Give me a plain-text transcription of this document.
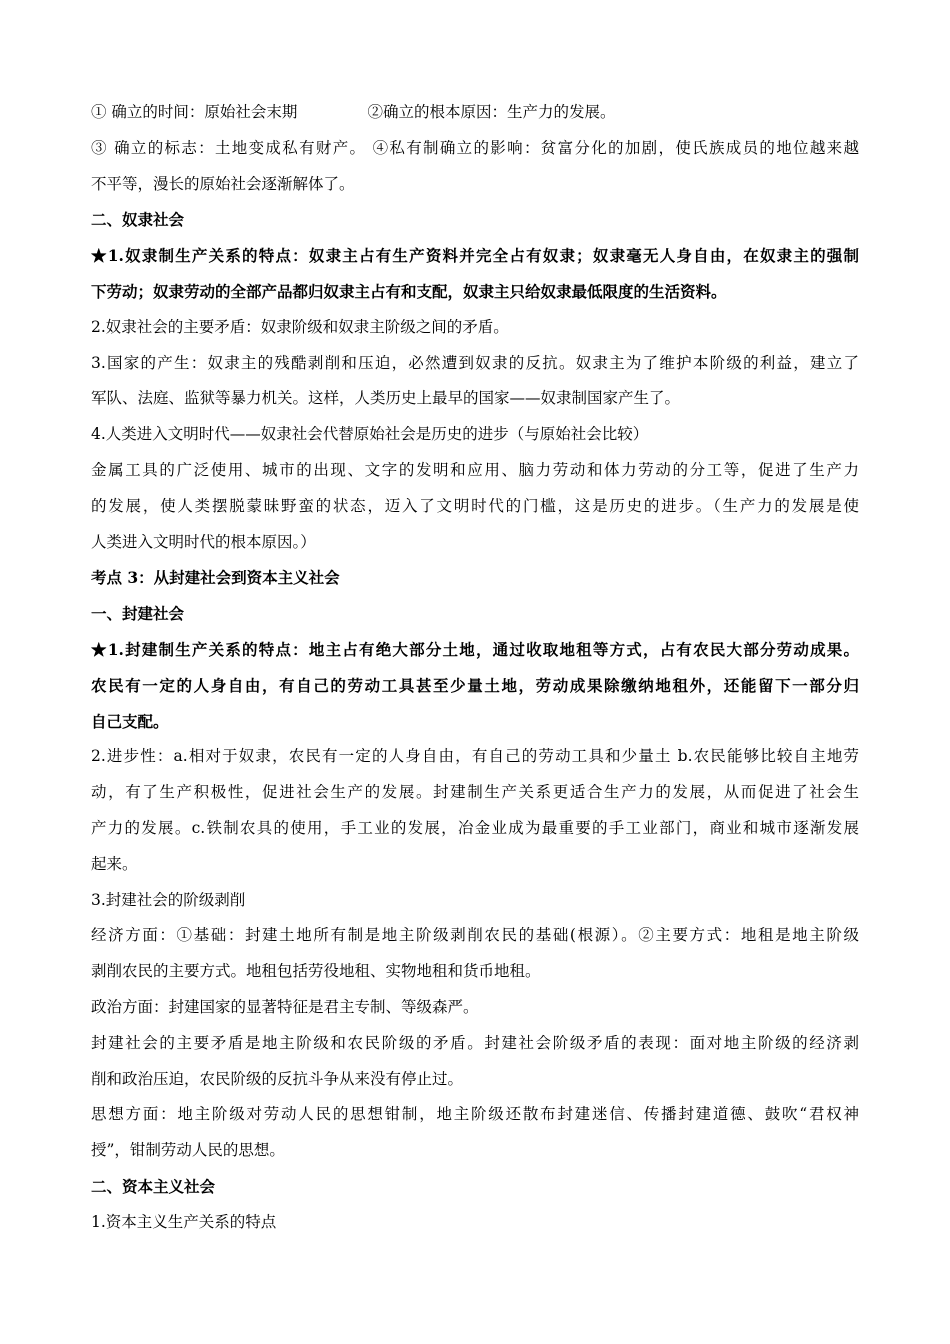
① 确立的时间：原始社会末期	②确立的根本原因：生产力的发展。
③ 确立的标志：土地变成私有财产。 ④私有制确立的影响：贫富分化的加剧，使氏族成员的地位越来越
不平等，漫长的原始社会逐渐解体了。
二、奴隶社会
★1.奴隶制生产关系的特点：奴隶主占有生产资料并完全占有奴隶；奴隶毫无人身自由，在奴隶主的强制
下劳动；奴隶劳动的全部产品都归奴隶主占有和支配，奴隶主只给奴隶最低限度的生活资料。
2.奴隶社会的主要矛盾：奴隶阶级和奴隶主阶级之间的矛盾。
3.国家的产生：奴隶主的残酷剥削和压迫，必然遭到奴隶的反抗。奴隶主为了维护本阶级的利益，建立了
军队、法庭、监狱等暴力机关。这样，人类历史上最早的国家——奴隶制国家产生了。
4.人类进入文明时代——奴隶社会代替原始社会是历史的进步（与原始社会比较）
金属工具的广泛使用、城市的出现、文字的发明和应用、脑力劳动和体力劳动的分工等，促进了生产力
的发展，使人类摆脱蒙昧野蛮的状态，迈入了文明时代的门槛，这是历史的进步。（生产力的发展是使
人类进入文明时代的根本原因。）
考点 3：从封建社会到资本主义社会
一、封建社会
★1.封建制生产关系的特点：地主占有绝大部分土地，通过收取地租等方式，占有农民大部分劳动成果。
农民有一定的人身自由，有自己的劳动工具甚至少量土地，劳动成果除缴纳地租外，还能留下一部分归
自己支配。
2.进步性：a.相对于奴隶，农民有一定的人身自由，有自己的劳动工具和少量土 b.农民能够比较自主地劳
动，有了生产积极性，促进社会生产的发展。封建制生产关系更适合生产力的发展，从而促进了社会生
产力的发展。c.铁制农具的使用，手工业的发展，冶金业成为最重要的手工业部门，商业和城市逐渐发展
起来。
3.封建社会的阶级剥削
经济方面：①基础：封建土地所有制是地主阶级剥削农民的基础(根源）。②主要方式：地租是地主阶级
剥削农民的主要方式。地租包括劳役地租、实物地租和货币地租。
政治方面：封建国家的显著特征是君主专制、等级森严。
封建社会的主要矛盾是地主阶级和农民阶级的矛盾。封建社会阶级矛盾的表现：面对地主阶级的经济剥
削和政治压迫，农民阶级的反抗斗争从来没有停止过。
思想方面：地主阶级对劳动人民的思想钳制，地主阶级还散布封建迷信、传播封建道德、鼓吹“君权神
授”，钳制劳动人民的思想。
二、资本主义社会
1.资本主义生产关系的特点
